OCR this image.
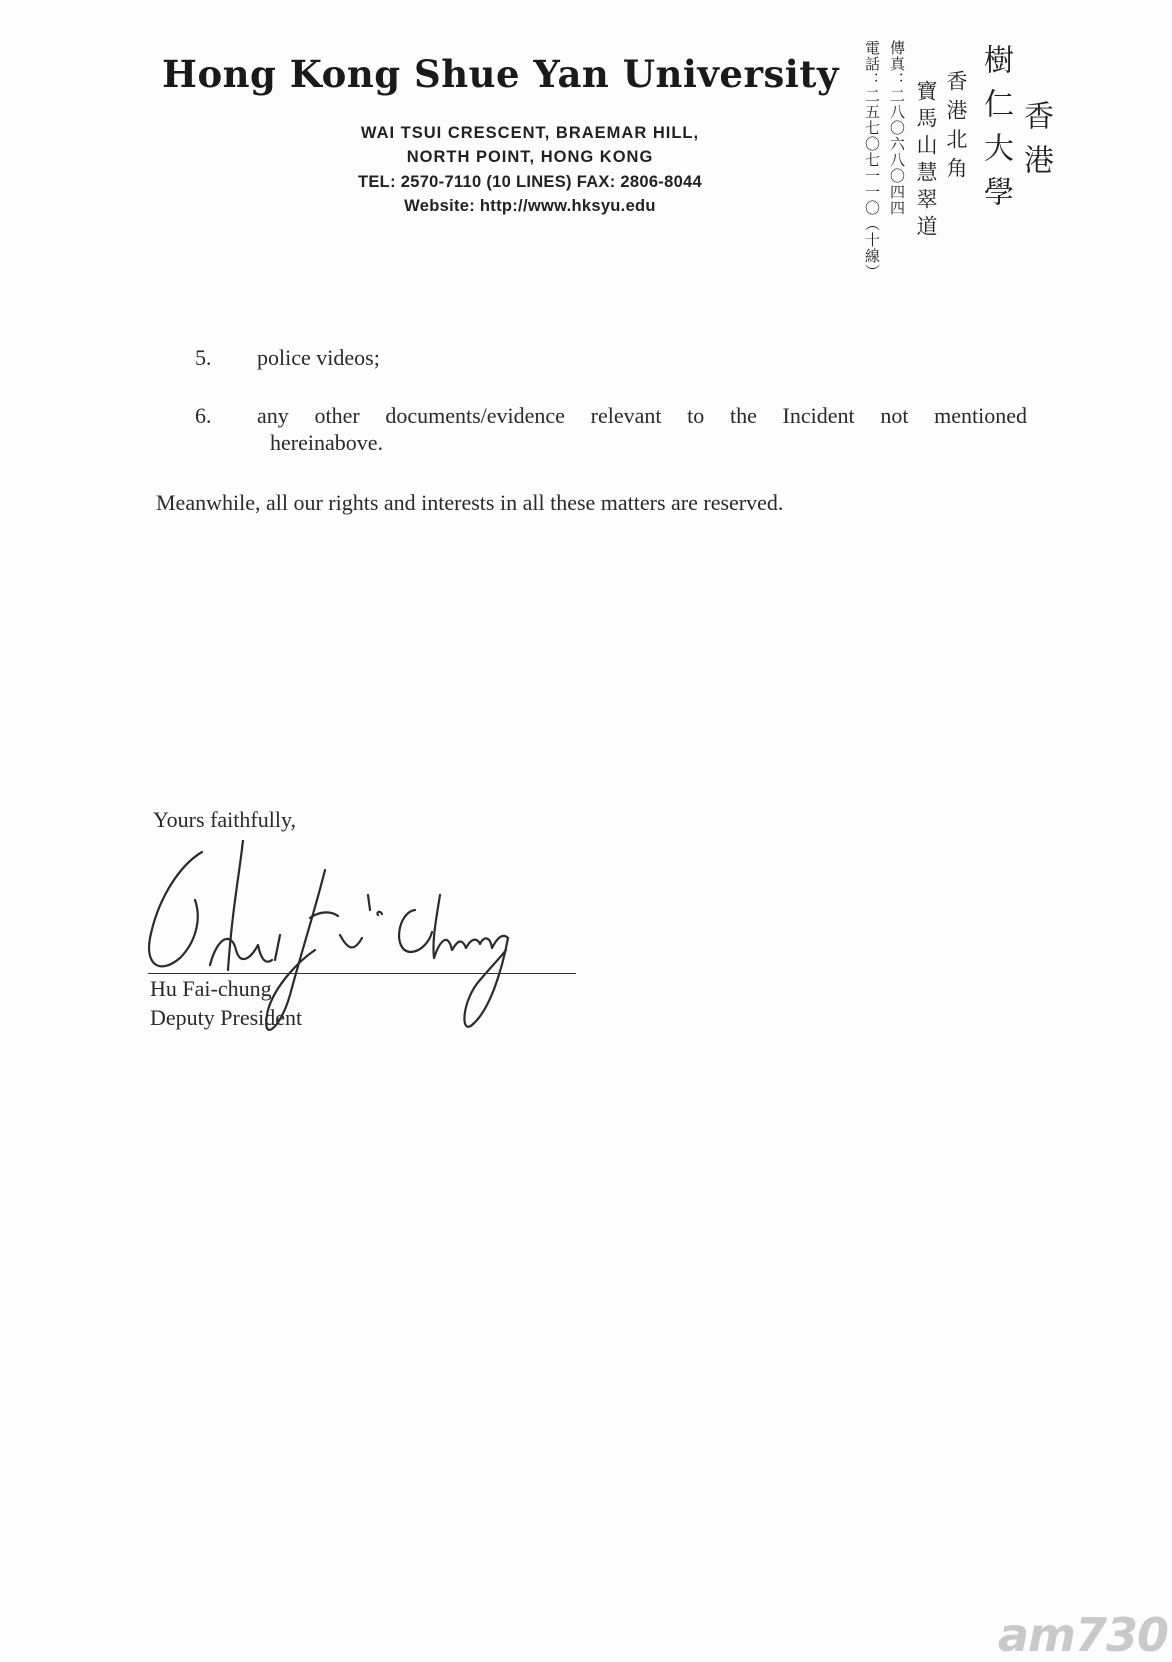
Hong Kong Shue Yan University
WAI TSUI CRESCENT, BRAEMAR HILL,
NORTH POINT, HONG KONG
TEL: 2570-7110 (10 LINES) FAX: 2806-8044
Website: http://www.hksyu.edu	傳真：二八〇六八〇四四
電話：二五七〇七一一〇（十線） 寶馬山慧翠道 香港北角 樹仁大學 香港
5. police videos;
6. any other documents/evidence relevant to the Incident not mentioned
hereinabove.
Meanwhile, all our rights and interests in all these matters are reserved.
Yours faithfully,
Hu Fai-chung
Deputy President
am730
